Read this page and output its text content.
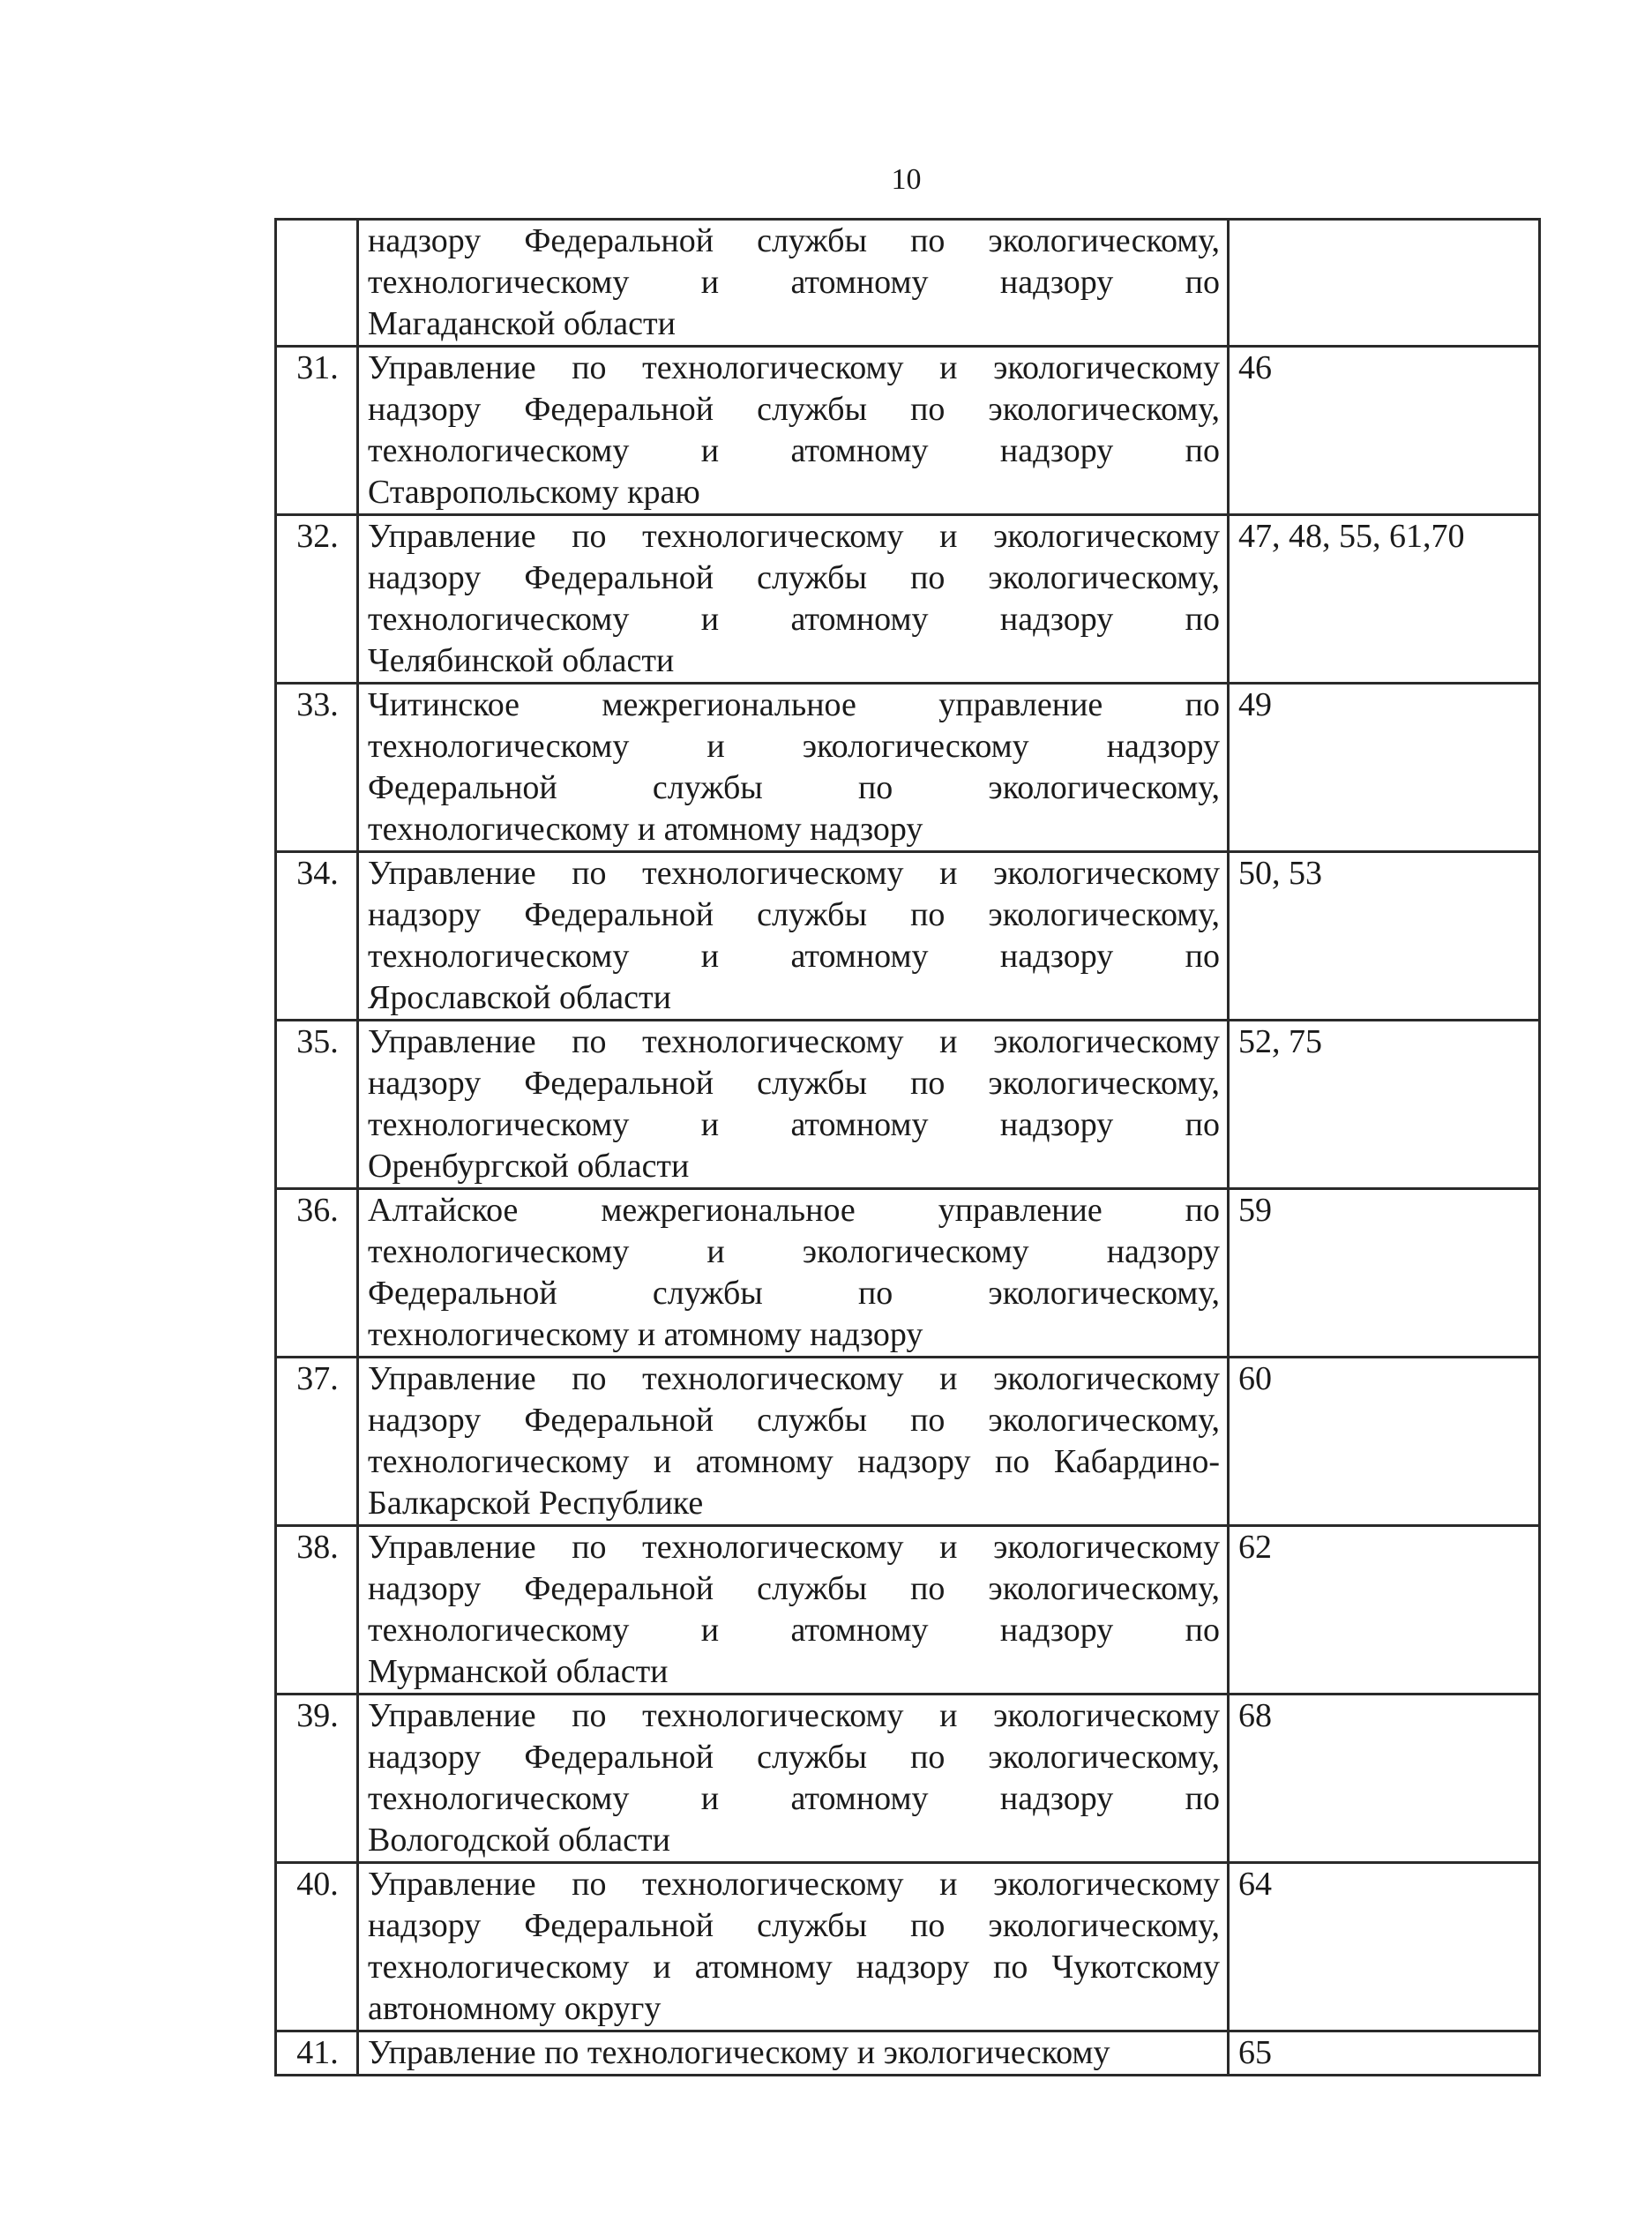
10

	надзору Федеральной службы по экологическому,
технологическому и атомному надзору по
Магаданской области	

31.	Управление по технологическому и экологическому
надзору Федеральной службы по экологическому,
технологическому и атомному надзору по
Ставропольскому краю	46
32.	Управление по технологическому и экологическому
надзору Федеральной службы по экологическому,
технологическому и атомному надзору по
Челябинской области	47, 48, 55, 61,70
33.	Читинское межрегиональное управление по
технологическому и экологическому надзору
Федеральной службы по экологическому,
технологическому и атомному надзору	49
34.	Управление по технологическому и экологическому
надзору Федеральной службы по экологическому,
технологическому и атомному надзору по
Ярославской области	50, 53
35.	Управление по технологическому и экологическому
надзору Федеральной службы по экологическому,
технологическому и атомному надзору по
Оренбургской области	52, 75
36.	Алтайское межрегиональное управление по
технологическому и экологическому надзору
Федеральной службы по экологическому,
технологическому и атомному надзору	59
37.	Управление по технологическому и экологическому
надзору Федеральной службы по экологическому,
технологическому и атомному надзору по Кабардино-
Балкарской Республике	60
38.	Управление по технологическому и экологическому
надзору Федеральной службы по экологическому,
технологическому и атомному надзору по
Мурманской области	62
39.	Управление по технологическому и экологическому
надзору Федеральной службы по экологическому,
технологическому и атомному надзору по
Вологодской области	68
40.	Управление по технологическому и экологическому
надзору Федеральной службы по экологическому,
технологическому и атомному надзору по Чукотскому
автономному округу	64
41.	Управление по технологическому и экологическому	65
